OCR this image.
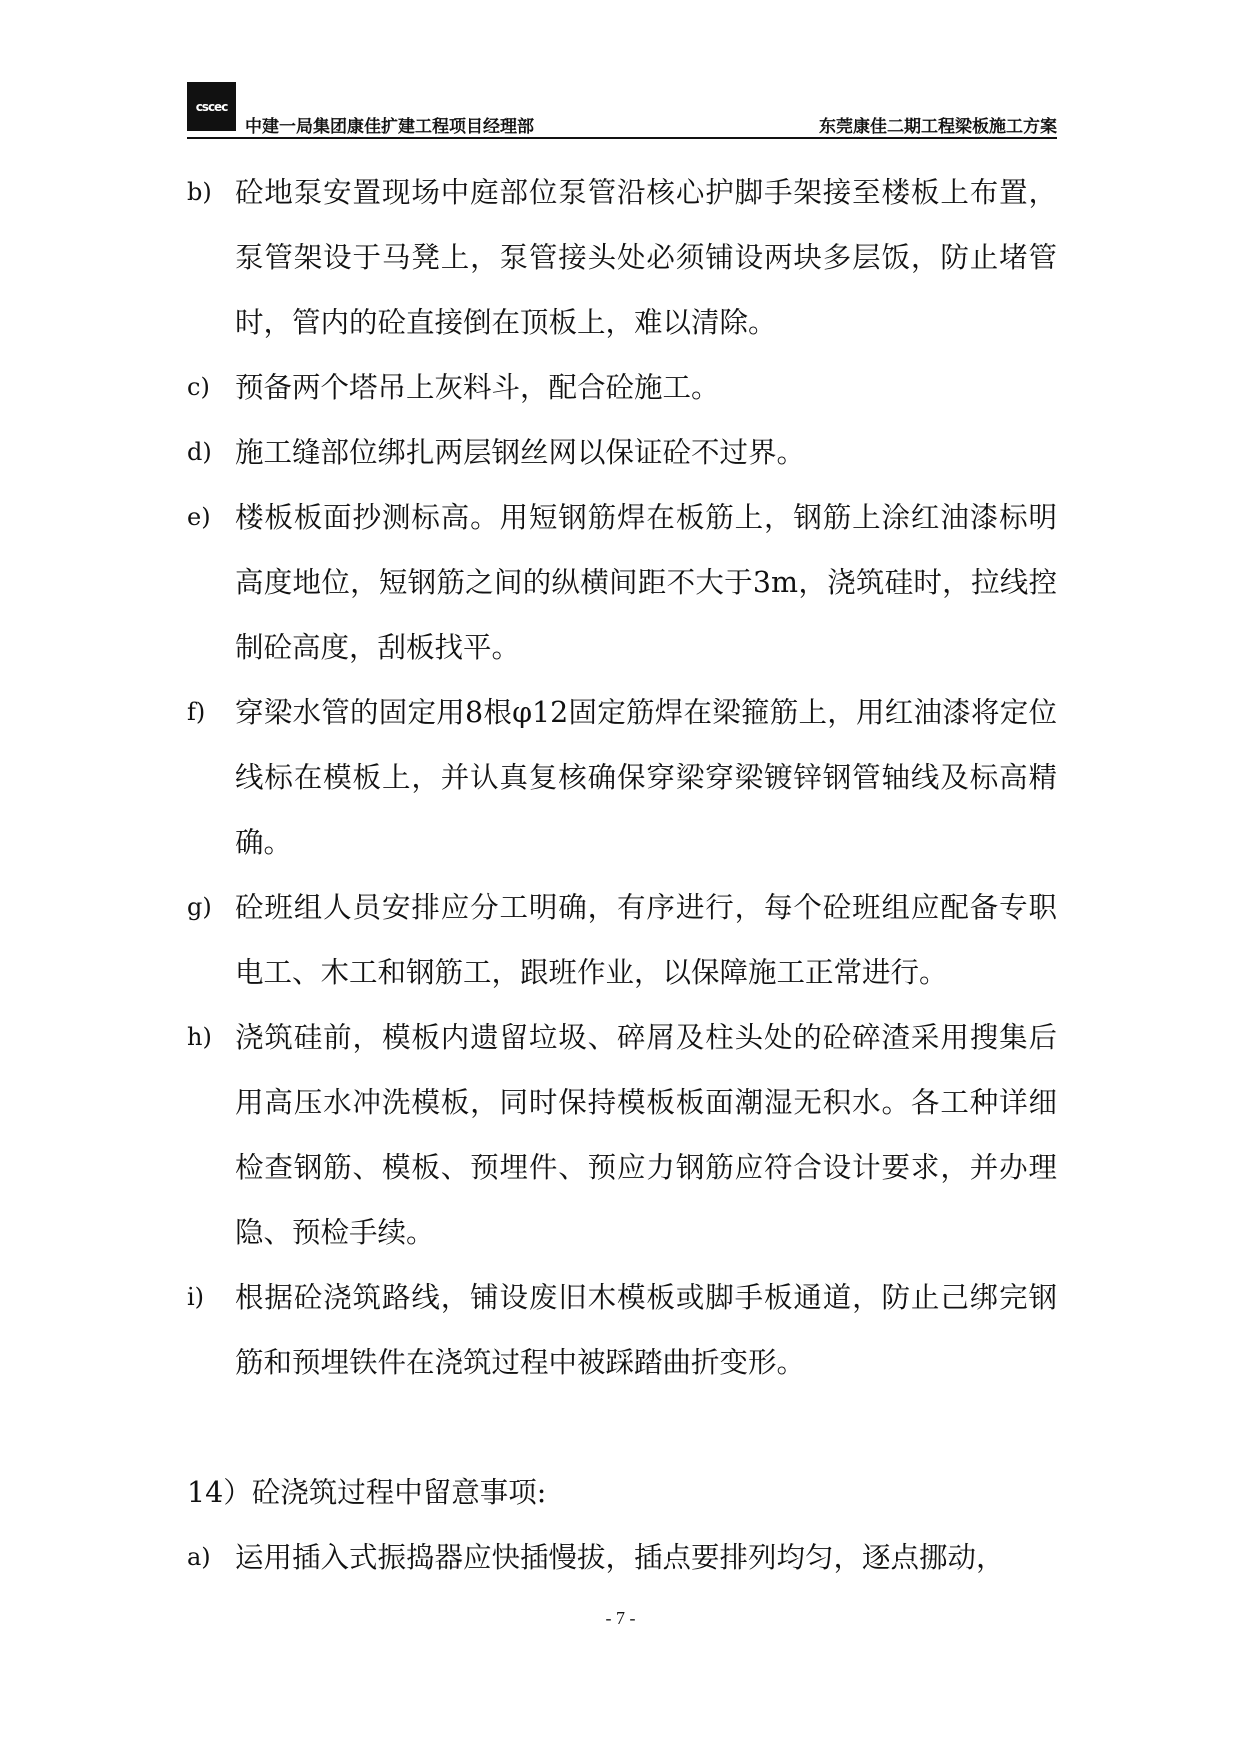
cscec
中建一局集团康佳扩建工程项目经理部	东莞康佳二期工程梁板施工方案
b) 砼地泵安置现场中庭部位泵管沿核心护脚手架接至楼板上布置，泵管架设于马凳上，泵管接头处必须铺设两块多层饭，防止堵管时，管内的砼直接倒在顶板上，难以清除。
c) 预备两个塔吊上灰料斗，配合砼施工。
d) 施工缝部位绑扎两层钢丝网以保证砼不过界。
e) 楼板板面抄测标高。用短钢筋焊在板筋上，钢筋上涂红油漆标明高度地位，短钢筋之间的纵横间距不大于3m，浇筑硅时，拉线控制砼高度，刮板找平。
f) 穿梁水管的固定用8根φ12固定筋焊在梁箍筋上，用红油漆将定位线标在模板上，并认真复核确保穿梁穿梁镀锌钢管轴线及标高精确。
g) 砼班组人员安排应分工明确，有序进行，每个砼班组应配备专职电工、木工和钢筋工，跟班作业，以保障施工正常进行。
h) 浇筑硅前，模板内遗留垃圾、碎屑及柱头处的砼碎渣采用搜集后用高压水冲洗模板，同时保持模板板面潮湿无积水。各工种详细检查钢筋、模板、预埋件、预应力钢筋应符合设计要求，并办理隐、预检手续。
i) 根据砼浇筑路线，铺设废旧木模板或脚手板通道，防止己绑完钢筋和预埋铁件在浇筑过程中被踩踏曲折变形。
14）砼浇筑过程中留意事项:
a) 运用插入式振捣器应快插慢拔，插点要排列均匀，逐点挪动，
- 7 -
